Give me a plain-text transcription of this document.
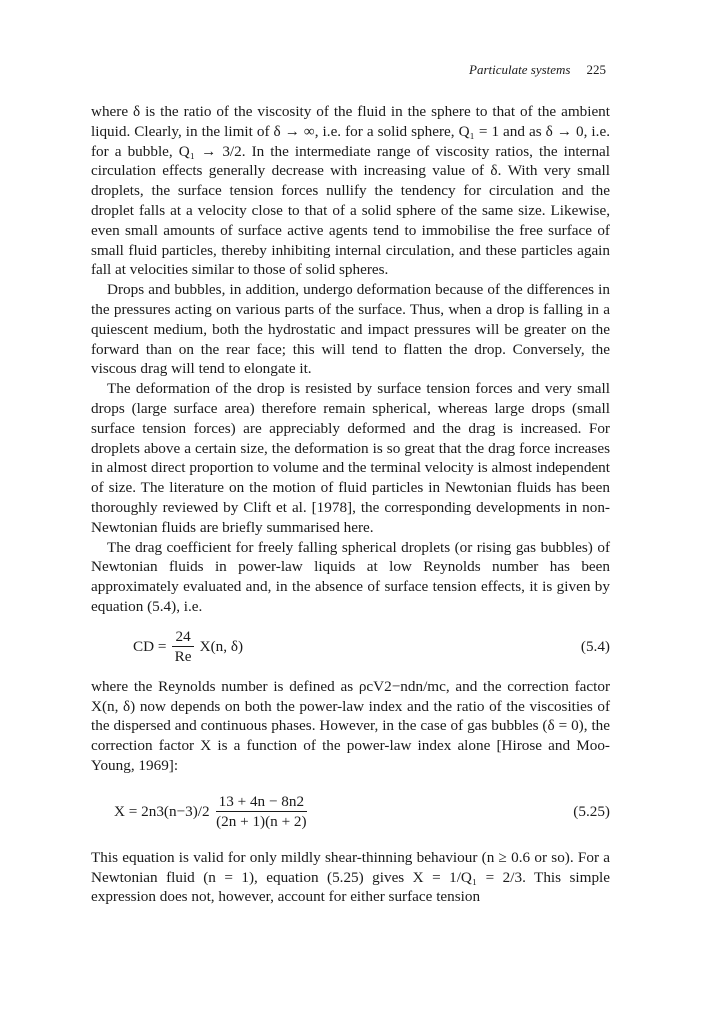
Particulate systems 225

where δ is the ratio of the viscosity of the fluid in the sphere to that of the ambient liquid. Clearly, in the limit of δ → ∞, i.e. for a solid sphere, Q₁ = 1 and as δ → 0, i.e. for a bubble, Q₁ → 3/2. In the intermediate range of viscosity ratios, the internal circulation effects generally decrease with increasing value of δ. With very small droplets, the surface tension forces nullify the tendency for circulation and the droplet falls at a velocity close to that of a solid sphere of the same size. Likewise, even small amounts of surface active agents tend to immobilise the free surface of small fluid particles, thereby inhibiting internal circulation, and these particles again fall at velocities similar to those of solid spheres.

Drops and bubbles, in addition, undergo deformation because of the differences in the pressures acting on various parts of the surface. Thus, when a drop is falling in a quiescent medium, both the hydrostatic and impact pressures will be greater on the forward than on the rear face; this will tend to flatten the drop. Conversely, the viscous drag will tend to elongate it.

The deformation of the drop is resisted by surface tension forces and very small drops (large surface area) therefore remain spherical, whereas large drops (small surface tension forces) are appreciably deformed and the drag is increased. For droplets above a certain size, the deformation is so great that the drag force increases in almost direct proportion to volume and the terminal velocity is almost independent of size. The literature on the motion of fluid particles in Newtonian fluids has been thoroughly reviewed by Clift et al. [1978], the corresponding developments in non-Newtonian fluids are briefly summarised here.

The drag coefficient for freely falling spherical droplets (or rising gas bubbles) of Newtonian fluids in power-law liquids at low Reynolds number has been approximately evaluated and, in the absence of surface tension effects, it is given by equation (5.4), i.e.

CD = $\frac{24}{Re} X(n$, δ)	(5.4)

where the Reynolds number is defined as ρcV2−ndn/mc, and the correction factor X(n, δ) now depends on both the power-law index and the ratio of the viscosities of the dispersed and continuous phases. However, in the case of gas bubbles (δ = 0), the correction factor X is a function of the power-law index alone [Hirose and Moo-Young, 1969]:

$X = 2n3(n-3)/2 \frac{13 + 4n - 8n2}{(2n + 1)(n + 2)}$	(5.25)

This equation is valid for only mildly shear-thinning behaviour (n ≥ 0.6 or so). For a Newtonian fluid (n = 1), equation (5.25) gives X = 1/Q₁ = 2/3. This simple expression does not, however, account for either surface tension
